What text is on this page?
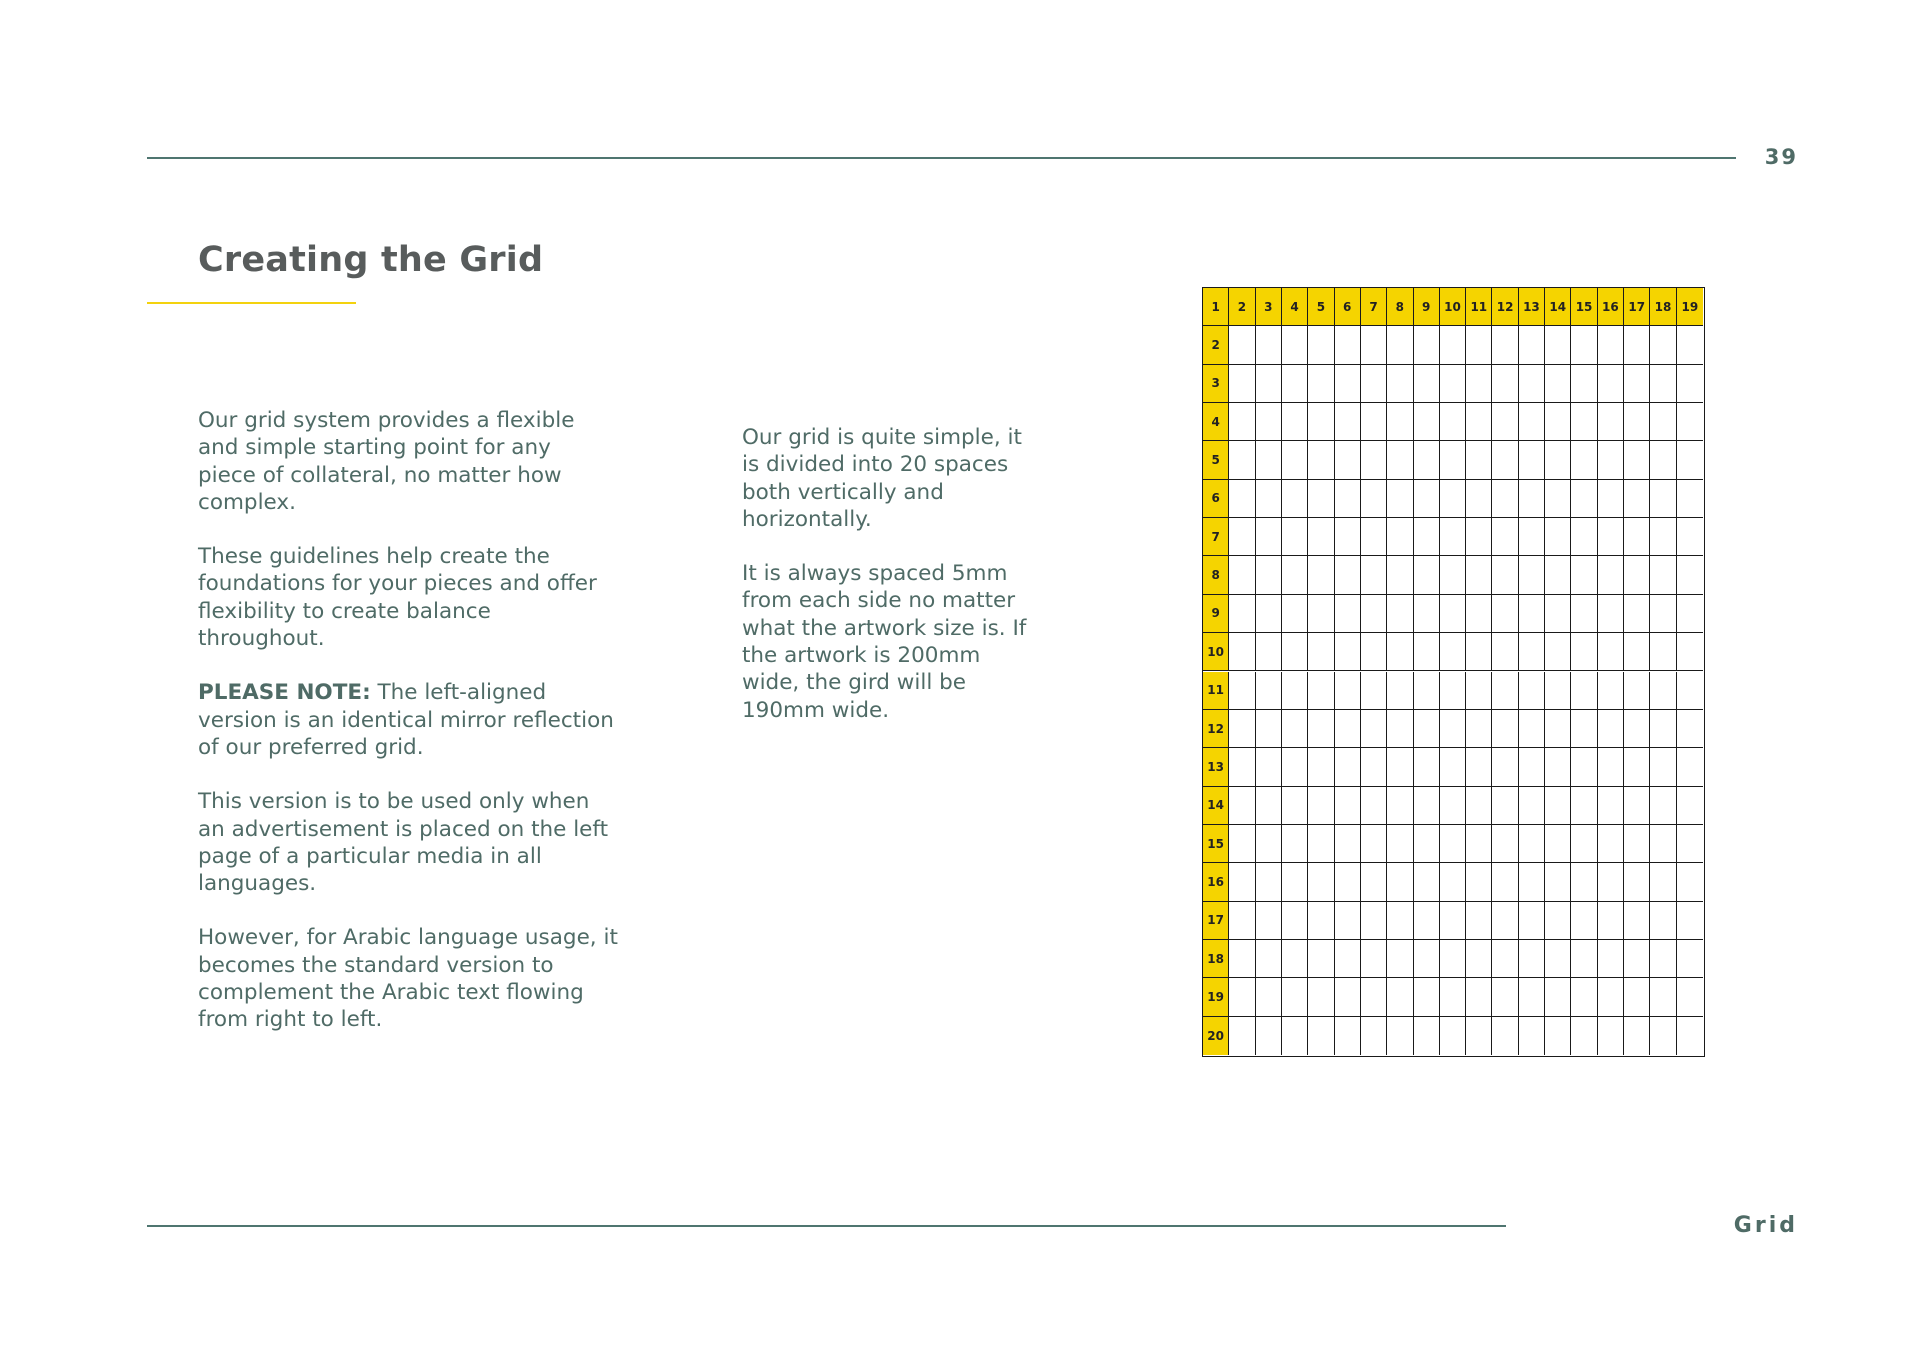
39
Creating the Grid

Our grid system provides a flexible
and simple starting point for any
piece of collateral, no matter how
complex.

These guidelines help create the
foundations for your pieces and offer
flexibility to create balance
throughout.

PLEASE NOTE: The left-aligned
version is an identical mirror reflection
of our preferred grid.

This version is to be used only when
an advertisement is placed on the left
page of a particular media in all
languages.

However, for Arabic language usage, it
becomes the standard version to
complement the Arabic text flowing
from right to left.

Our grid is quite simple, it
is divided into 20 spaces
both vertically and
horizontally.

It is always spaced 5mm
from each side no matter
what the artwork size is. If
the artwork is 200mm
wide, the gird will be
190mm wide.

1	2	3	4	5	6	7	8	9	10 11 12 13 14 15 16 17 18 19
2
3
4
5
6
7
8
9
10
11
12
13
14
15
16
17
18
19
20
Grid
